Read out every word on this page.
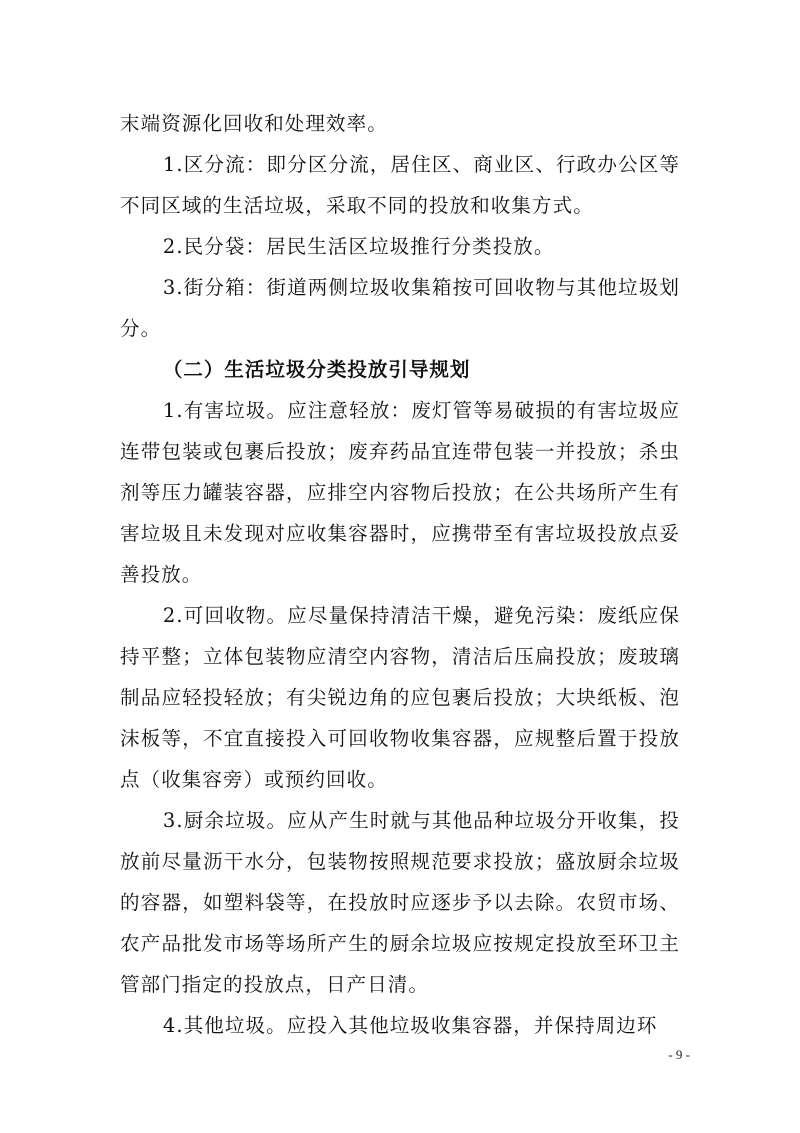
末端资源化回收和处理效率。

1.区分流：即分区分流，居住区、商业区、行政办公区等不同区域的生活垃圾，采取不同的投放和收集方式。

2.民分袋：居民生活区垃圾推行分类投放。

3.街分箱：街道两侧垃圾收集箱按可回收物与其他垃圾划分。

（二）生活垃圾分类投放引导规划

1.有害垃圾。应注意轻放：废灯管等易破损的有害垃圾应连带包装或包裹后投放；废弃药品宜连带包装一并投放；杀虫剂等压力罐装容器，应排空内容物后投放；在公共场所产生有害垃圾且未发现对应收集容器时，应携带至有害垃圾投放点妥善投放。

2.可回收物。应尽量保持清洁干燥，避免污染：废纸应保持平整；立体包装物应清空内容物，清洁后压扁投放；废玻璃制品应轻投轻放；有尖锐边角的应包裹后投放；大块纸板、泡沫板等，不宜直接投入可回收物收集容器，应规整后置于投放点（收集容旁）或预约回收。

3.厨余垃圾。应从产生时就与其他品种垃圾分开收集，投放前尽量沥干水分，包装物按照规范要求投放；盛放厨余垃圾的容器，如塑料袋等，在投放时应逐步予以去除。农贸市场、农产品批发市场等场所产生的厨余垃圾应按规定投放至环卫主管部门指定的投放点，日产日清。

4.其他垃圾。应投入其他垃圾收集容器，并保持周边环

- 9 -
